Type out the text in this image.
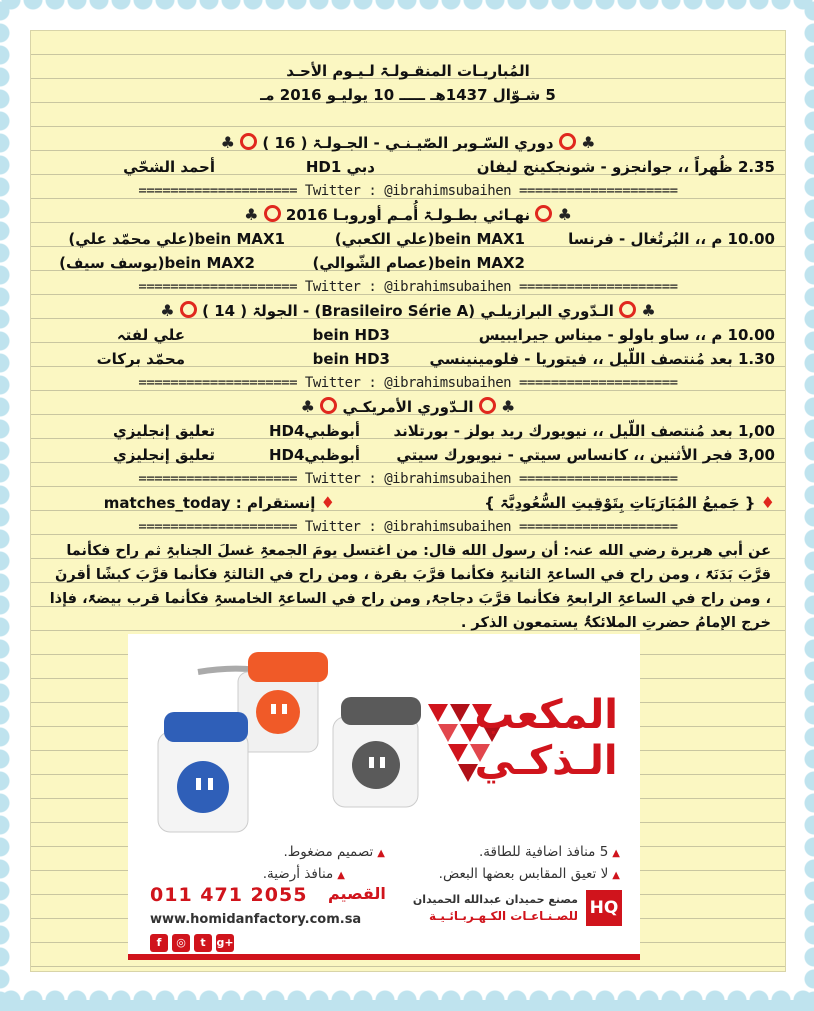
المُباريـات المنقـولـۃ لـيـوم الأحـد
5 شـوّال 1437هـ ـــــ 10 يوليـو 2016 مـ
♣  دوري السّـوبر الصّيـنـي - الجـولـۃ ( 16 )  ♣
2.35 ظُهراً ،، جوانجزو - شونجكينج ليفان
دبي HD1
أحمد الشحّي
==================== Twitter : @ibrahimsubaihen ====================
♣  نهـائي بطـولـۃ أُمـم أوروبـا 2016  ♣
10.00 م ،، البُرتُغال - فرنسا
bein MAX1(علي الكعبي)
bein MAX1(علي محمّد علي)
bein MAX2(عصام الشّوالي)
bein MAX2(يوسف سيف)
==================== Twitter : @ibrahimsubaihen ====================
♣  الـدّوري البرازيلـي (Brasileiro Série A) - الجولۃ ( 14 )  ♣
10.00 م ،، ساو باولو - ميناس جيرايبيس
bein HD3
علي لفتہ
1.30 بعد مُنتصف اللّيل ،، فيتوريا - فلومينينسي
bein HD3
محمّد بركات
==================== Twitter : @ibrahimsubaihen ====================
♣  الـدّوري الأمريكـي  ♣
1,00 بعد مُنتصف اللّيل ،، نيويورك ريد بولز - بورتلاند
أبوظبيHD4
تعليق إنجليزي
3,00 فجر الأثنين ،، كانساس سيتي - نيويورك سيتي
أبوظبيHD4
تعليق إنجليزي
==================== Twitter : @ibrahimsubaihen ====================
♦ { جَميعُ المُبَارَيَاتِ بِتَوْقِيتِ السُّعُودِيَّۃ }
♦ إنستقرام : matches_today
==================== Twitter : @ibrahimsubaihen ====================
عن أبي هريرة رضي الله عنہ: أن رسول الله قال: من اغتسل يومَ الجمعۃِ غسلَ الجنابۃِ ثم راح فكأنما قرَّبَ بَدَنَۃً ، ومن راح في الساعۃِ الثانيۃِ فكأنما قرَّبَ بقرة ، ومن راح في الثالثۃِ فكأنما قرَّبَ كبشًا أقرنَ ، ومن راح في الساعۃِ الرابعۃِ فكأنما قرَّبَ دجاجۃً, ومن راح في الساعۃِ الخامسۃِ فكأنما قرب بيضۃً، فإذا خرج الإمامُ حضرتِ الملائكۃُ يستمعون الذكر .
المكعب
الـذكـي
▲5 منافذ اضافية للطاقة.
▲تصميم مضغوط.
▲لا تعيق المقابس بعضها البعض.
▲منافذ أرضية.
القصيم
011 471 2055
www.homidanfactory.com.sa
f	◎	t g+
مصنع حميدان عبدالله الحميدان
للصـنـاعـات الكـهـربـائـيـة HQ
